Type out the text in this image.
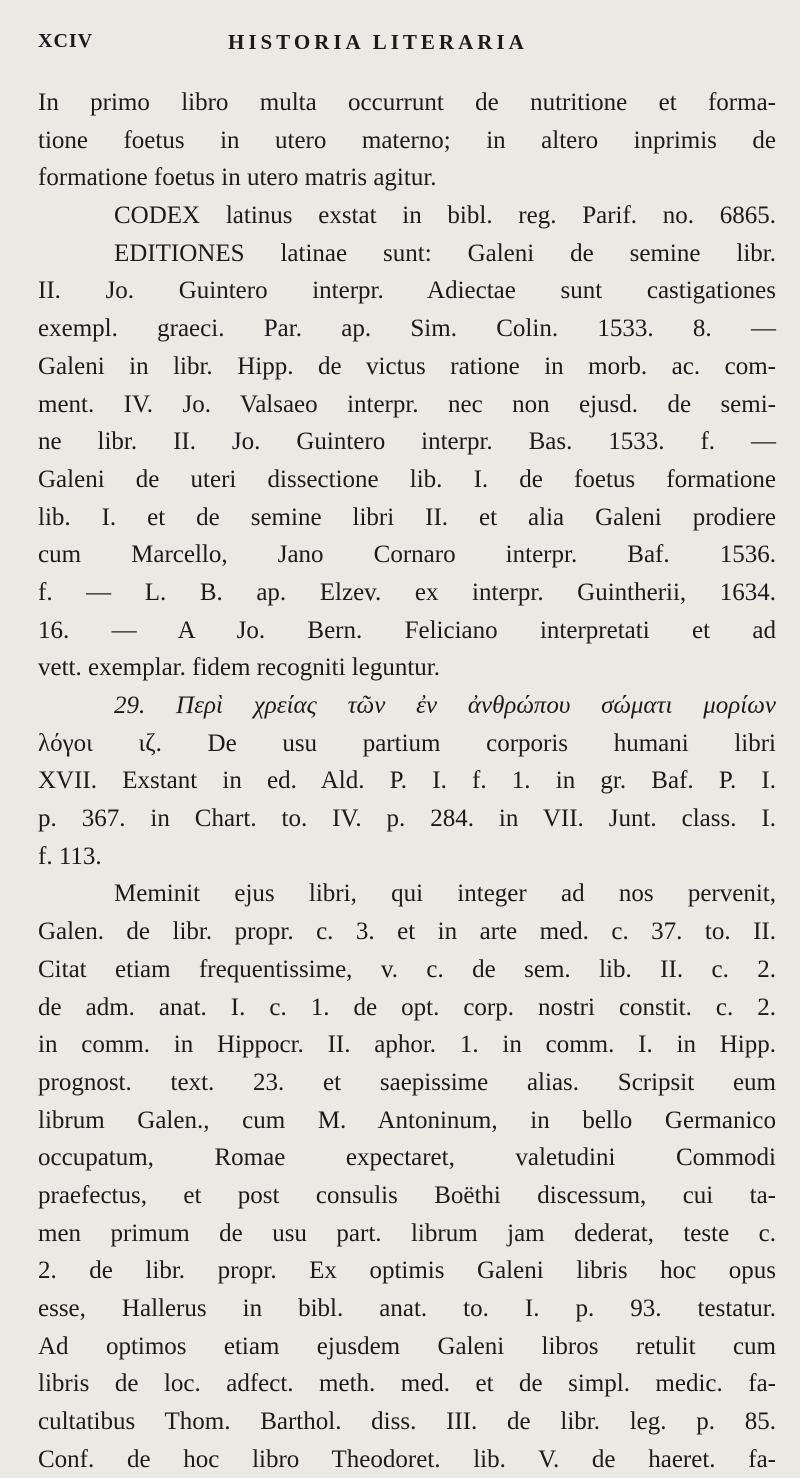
XCIV	HISTORIA LITERARIA
In primo libro multa occurrunt de nutritione et forma-
tione foetus in utero materno; in altero inprimis de
formatione foetus in utero matris agitur.
CODEX latinus exstat in bibl. reg. Parif. no. 6865.
EDITIONES latinae sunt: Galeni de semine libr.
II. Jo. Guintero interpr. Adiectae sunt castigationes
exempl. graeci. Par. ap. Sim. Colin. 1533. 8. —
Galeni in libr. Hipp. de victus ratione in morb. ac. com-
ment. IV. Jo. Valsaeo interpr. nec non ejusd. de semi-
ne libr. II. Jo. Guintero interpr. Bas. 1533. f. —
Galeni de uteri dissectione lib. I. de foetus formatione
lib. I. et de semine libri II. et alia Galeni prodiere
cum Marcello, Jano Cornaro interpr. Baf. 1536.
f. — L. B. ap. Elzev. ex interpr. Guintherii, 1634.
16. — A Jo. Bern. Feliciano interpretati et ad
vett. exemplar. fidem recogniti leguntur.
29. Περὶ χρείας τῶν ἐν ἀνθρώπου σώματι μορίων
λόγοι ιζ. De usu partium corporis humani libri
XVII. Exstant in ed. Ald. P. I. f. 1. in gr. Baf. P. I.
p. 367. in Chart. to. IV. p. 284. in VII. Junt. class. I.
f. 113.
Meminit ejus libri, qui integer ad nos pervenit,
Galen. de libr. propr. c. 3. et in arte med. c. 37. to. II.
Citat etiam frequentissime, v. c. de sem. lib. II. c. 2.
de adm. anat. I. c. 1. de opt. corp. nostri constit. c. 2.
in comm. in Hippocr. II. aphor. 1. in comm. I. in Hipp.
prognost. text. 23. et saepissime alias. Scripsit eum
librum Galen., cum M. Antoninum, in bello Germanico
occupatum, Romae expectaret, valetudini Commodi
praefectus, et post consulis Boëthi discessum, cui ta-
men primum de usu part. librum jam dederat, teste c.
2. de libr. propr. Ex optimis Galeni libris hoc opus
esse, Hallerus in bibl. anat. to. I. p. 93. testatur.
Ad optimos etiam ejusdem Galeni libros retulit cum
libris de loc. adfect. meth. med. et de simpl. medic. fa-
cultatibus Thom. Barthol. diss. III. de libr. leg. p. 85.
Conf. de hoc libro Theodoret. lib. V. de haeret. fa-
